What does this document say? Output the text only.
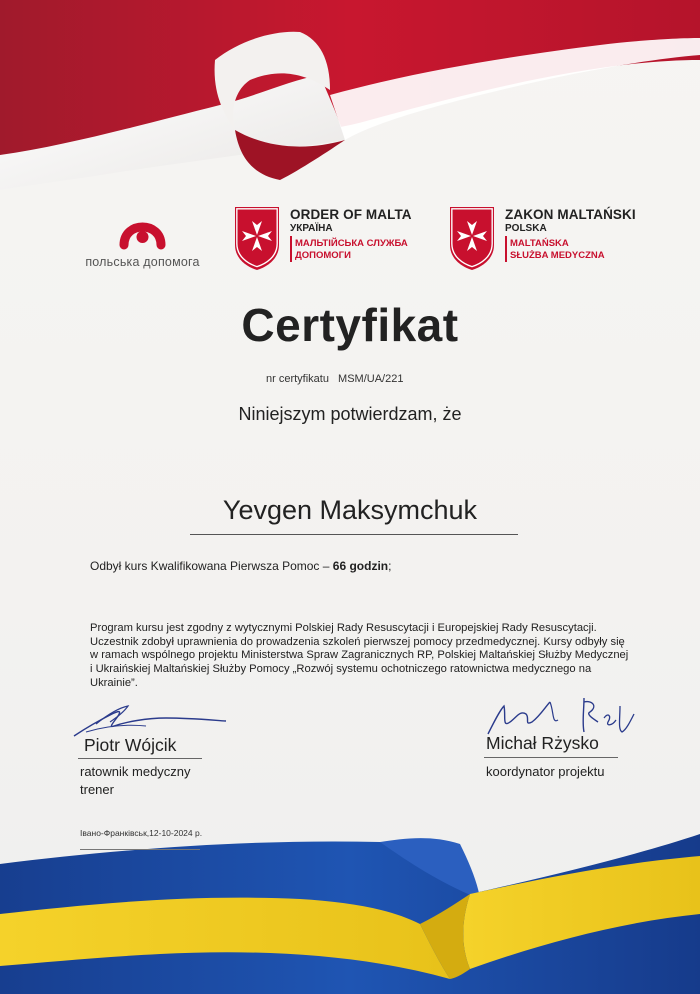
польська допомога
ORDER OF MALTA
УКРАЇНА
МАЛЬТІЙСЬКА СЛУЖБА
ДОПОМОГИ
ZAKON MALTAŃSKI
POLSKA
MALTAŃSKA
SŁUŻBA MEDYCZNA
Certyfikat
nr certyfikatu MSM/UA/221
Niniejszym potwierdzam, że
Yevgen Maksymchuk
Odbył kurs Kwalifikowana Pierwsza Pomoc – 66 godzin;
Program kursu jest zgodny z wytycznymi Polskiej Rady Resuscytacji i Europejskiej Rady Resuscytacji. Uczestnik zdobył uprawnienia do prowadzenia szkoleń pierwszej pomocy przedmedycznej. Kursy odbyły się w ramach wspólnego projektu Ministerstwa Spraw Zagranicznych RP, Polskiej Maltańskiej Służby Medycznej i Ukraińskiej Maltańskiej Służby Pomocy „Rozwój systemu ochotniczego ratownictwa medycznego na Ukrainie”.
Piotr Wójcik
ratownik medyczny
trener
Michał Rżysko
koordynator projektu
Івано-Франківськ,12-10-2024 р.
